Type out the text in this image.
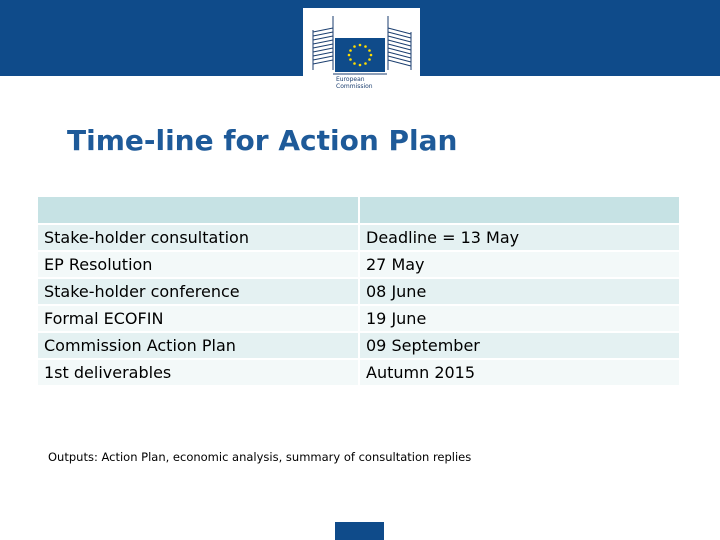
European
Commission
Time-line for Action Plan

Stake-holder consultation	Deadline = 13 May
EP Resolution	27 May
Stake-holder conference	08 June
Formal ECOFIN	19 June
Commission Action Plan	09 September
1st deliverables	Autumn 2015
Outputs: Action Plan, economic analysis, summary of consultation replies
